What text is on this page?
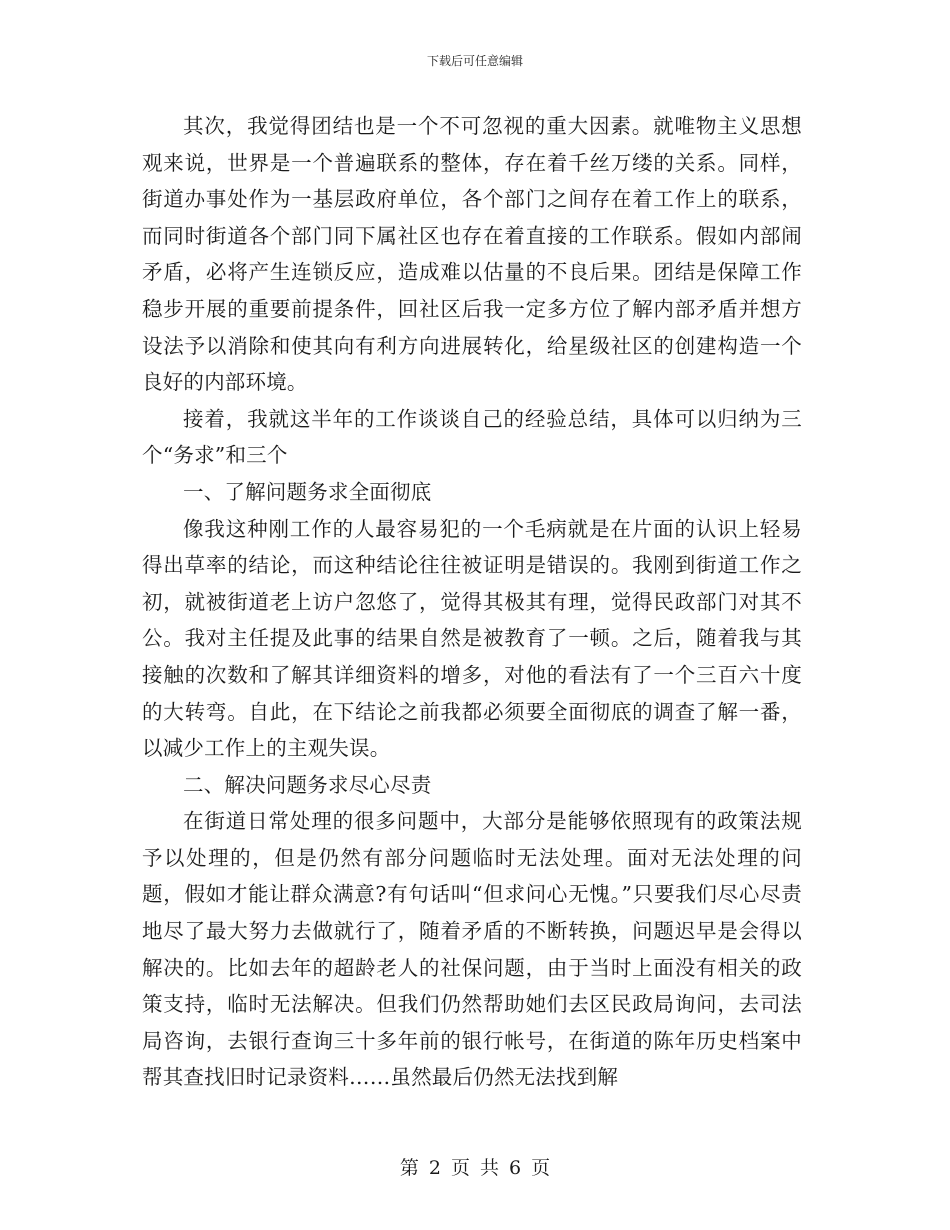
下载后可任意编辑

其次，我觉得团结也是一个不可忽视的重大因素。就唯物主义思想观来说，世界是一个普遍联系的整体，存在着千丝万缕的关系。同样，街道办事处作为一基层政府单位，各个部门之间存在着工作上的联系，而同时街道各个部门同下属社区也存在着直接的工作联系。假如内部闹矛盾，必将产生连锁反应，造成难以估量的不良后果。团结是保障工作稳步开展的重要前提条件，回社区后我一定多方位了解内部矛盾并想方设法予以消除和使其向有利方向进展转化，给星级社区的创建构造一个良好的内部环境。

接着，我就这半年的工作谈谈自己的经验总结，具体可以归纳为三个“务求”和三个

一、了解问题务求全面彻底

像我这种刚工作的人最容易犯的一个毛病就是在片面的认识上轻易得出草率的结论，而这种结论往往被证明是错误的。我刚到街道工作之初，就被街道老上访户忽悠了，觉得其极其有理，觉得民政部门对其不公。我对主任提及此事的结果自然是被教育了一顿。之后，随着我与其接触的次数和了解其详细资料的增多，对他的看法有了一个三百六十度的大转弯。自此，在下结论之前我都必须要全面彻底的调查了解一番，以减少工作上的主观失误。

二、解决问题务求尽心尽责

在街道日常处理的很多问题中，大部分是能够依照现有的政策法规予以处理的，但是仍然有部分问题临时无法处理。面对无法处理的问题，假如才能让群众满意?有句话叫“但求问心无愧。”只要我们尽心尽责地尽了最大努力去做就行了，随着矛盾的不断转换，问题迟早是会得以解决的。比如去年的超龄老人的社保问题，由于当时上面没有相关的政策支持，临时无法解决。但我们仍然帮助她们去区民政局询问，去司法局咨询，去银行查询三十多年前的银行帐号，在街道的陈年历史档案中帮其查找旧时记录资料……虽然最后仍然无法找到解

第 2 页 共 6 页
